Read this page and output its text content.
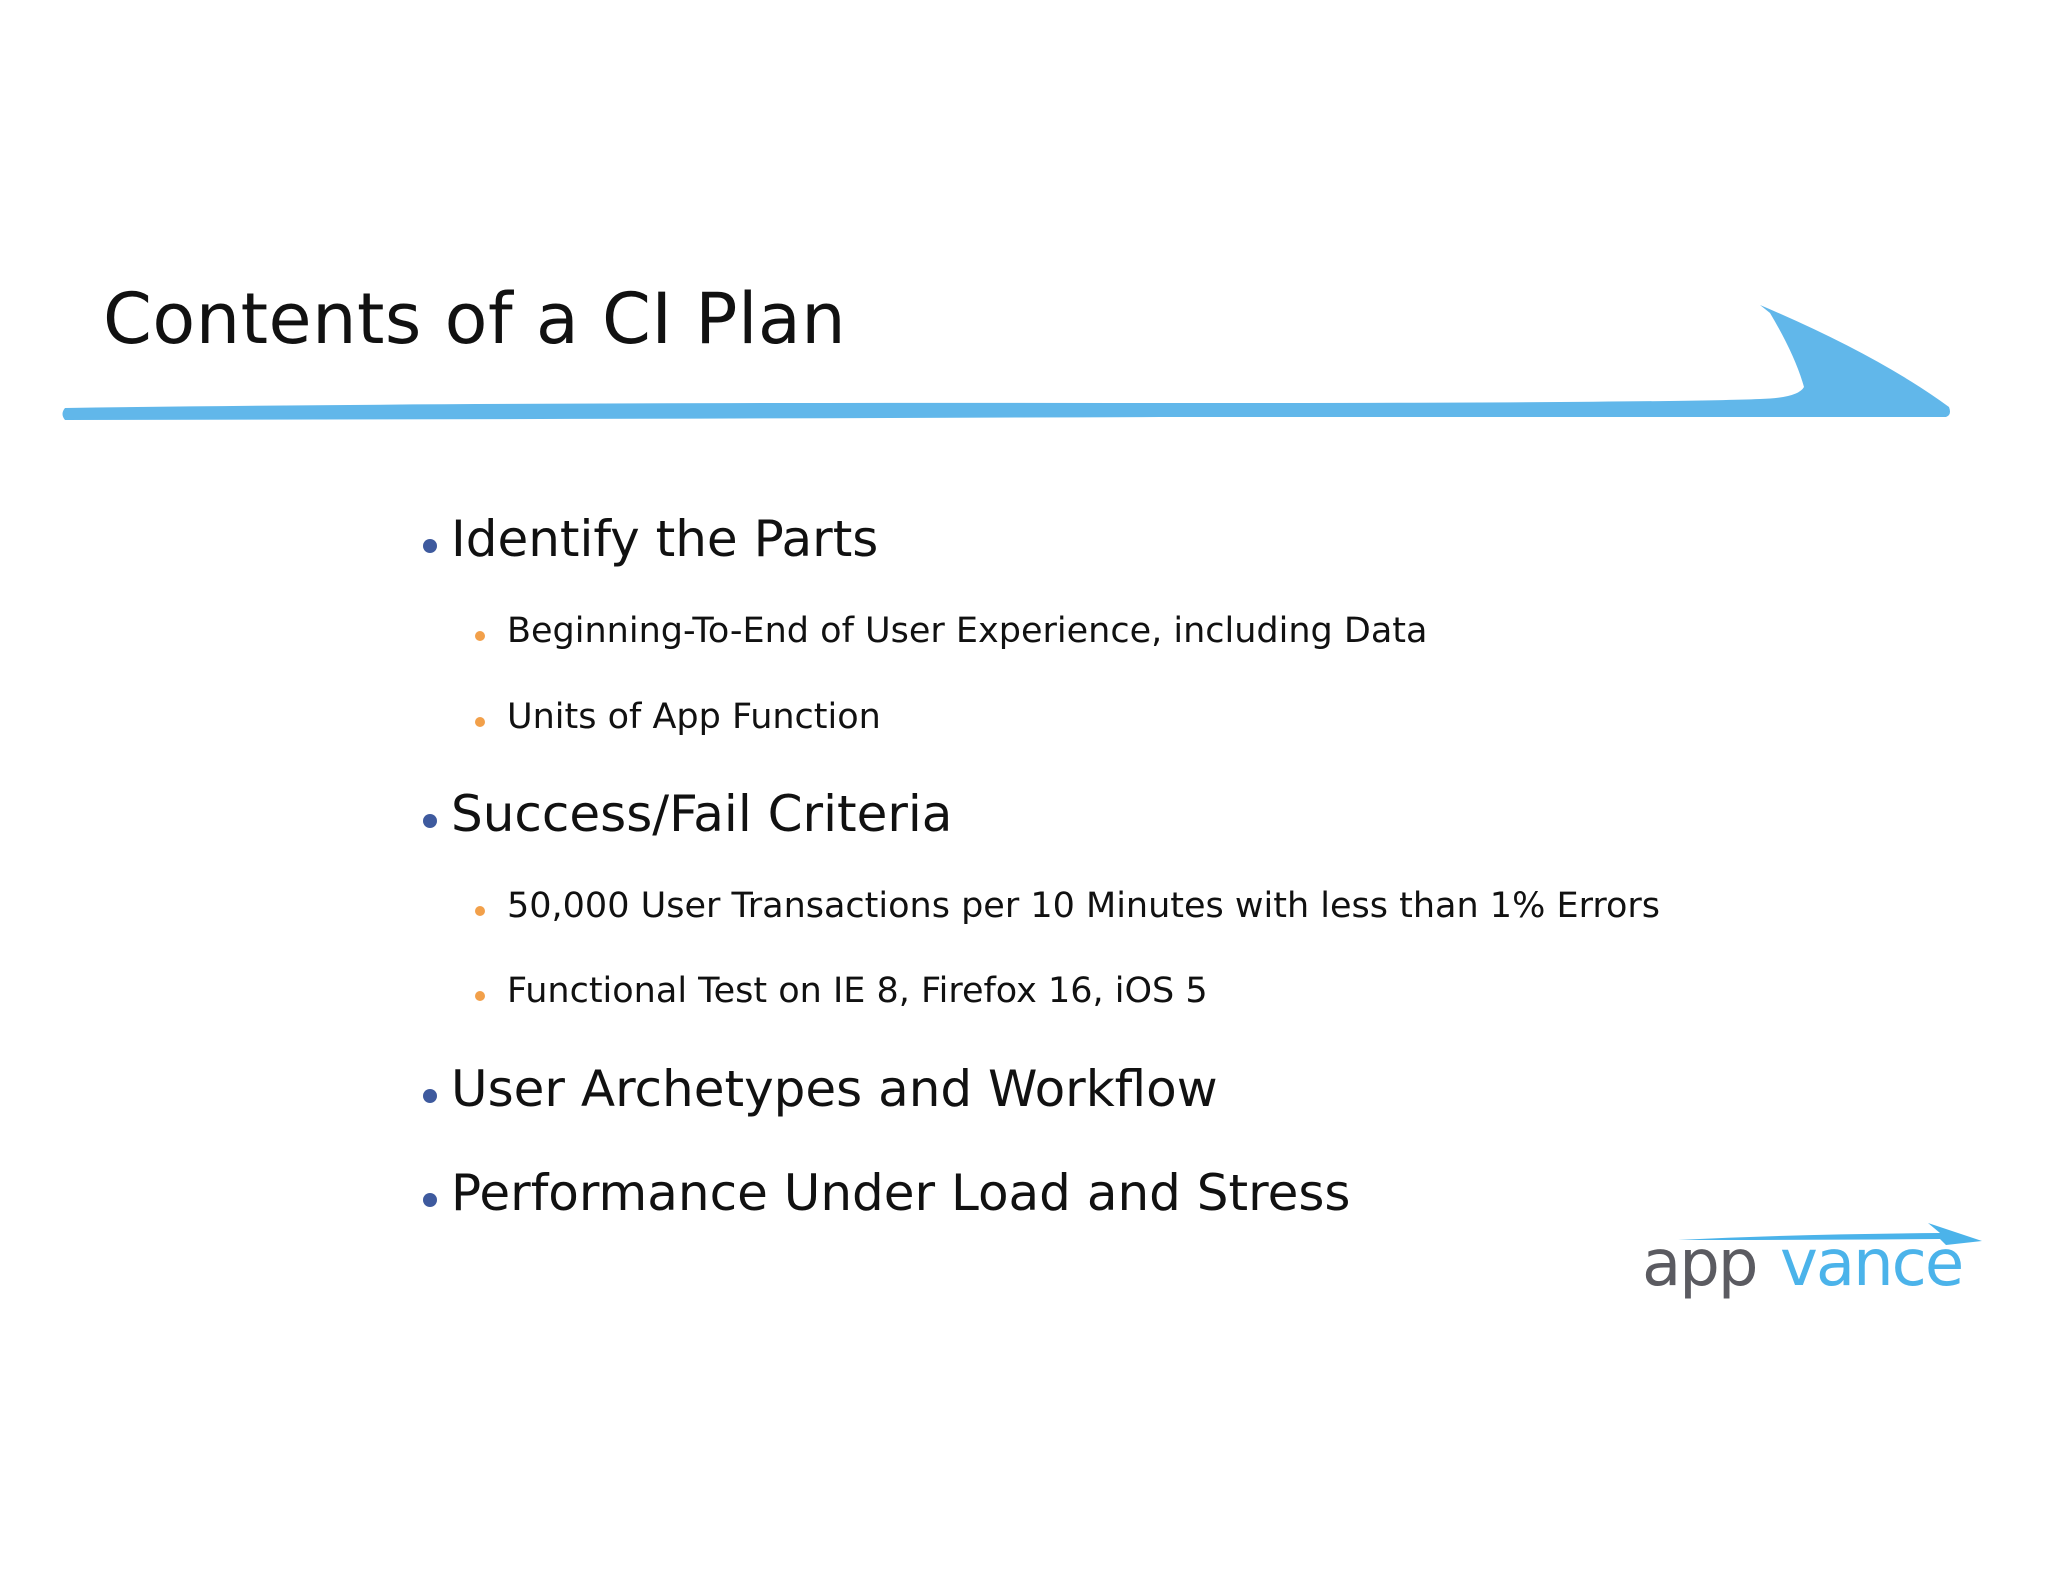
Contents of a CI Plan
Identify the Parts
Beginning-To-End of User Experience, including Data
Units of App Function
Success/Fail Criteria
50,000 User Transactions per 10 Minutes with less than 1% Errors
Functional Test on IE 8, Firefox 16, iOS 5
User Archetypes and Workflow
Performance Under Load and Stress
app vance
